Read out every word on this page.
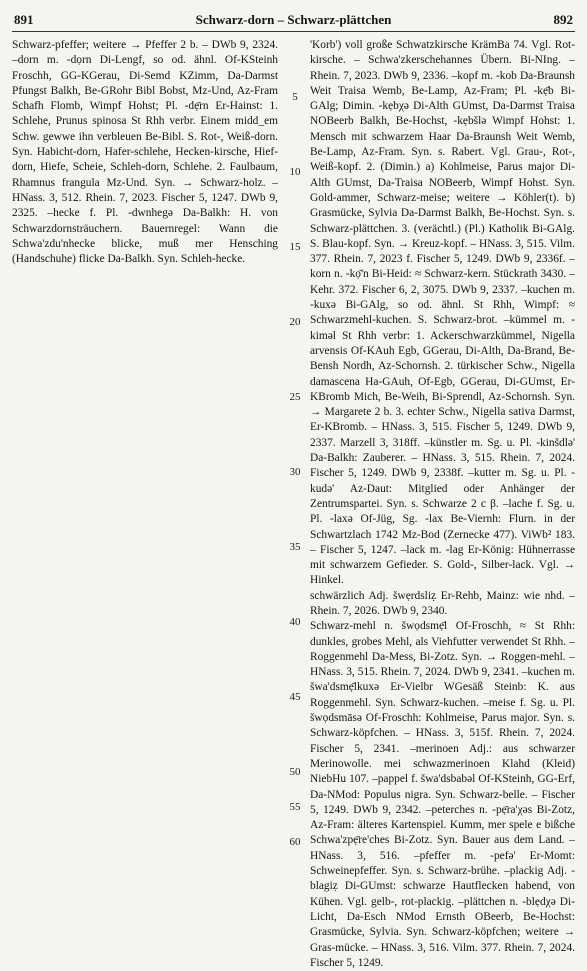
891	Schwarz-dorn – Schwarz-plättchen	892

Schwarz-pfeffer; weitere → Pfeffer 2 b. – DWb 9, 2324. –dorn m. -dọrn Di-Lengf, so od. ähnl. Of-KSteinh Froschh, GG-KGerau, Di-Semd KZimm, Da-Darmst Pfungst Balkh, Be-GRohr Bibl Bobst, Mz-Und, Az-Fram Schafh Flomb, Wimpf Hohst; Pl. -dẹ̄rn Er-Hainst: 1. Schlehe, Prunus spinosa St Rhh verbr. Einem midd_em Schw. gewwe ihn verbleuen Be-Bibl. S. Rot-, Weiß-dorn. Syn. Habicht-dorn, Hafer-schlehe, Hecken-kirsche, Hief-dorn, Hiefe, Scheie, Schleh-dorn, Schlehe. 2. Faulbaum, Rhamnus frangula Mz-Und. Syn. → Schwarz-holz. – HNass. 3, 512. Rhein. 7, 2023. Fischer 5, 1247. DWb 9, 2325. –hecke f. Pl. -dwnhegə Da-Balkh: H. von Schwarzdornsträuchern. Bauernregel: Wann die Schwa'zdu'nhecke blicke, muß mer Hensching (Handschuhe) flicke Da-Balkh. Syn. Schleh-hecke.

'Korb') voll große Schwatzkirsche KrämBa 74. Vgl. Rot-kirsche. – Schwa'zkerschehannes Übern. Bi-NIng. – Rhein. 7, 2023. DWb 9, 2336. –kopf m. -kob Da-Braunsh Weit Traisa Wemb, Be-Lamp, Az-Fram; Pl. -kẹ̄b Bi-GAlg; Dimin. -kẹbχə Di-Alth GUmst, Da-Darmst Traisa NOBeerb Balkh, Be-Hochst, -kẹbšlə Wimpf Hohst: 1. Mensch mit schwarzem Haar Da-Braunsh Weit Wemb, Be-Lamp, Az-Fram. Syn. s. Rabert. Vgl. Grau-, Rot-, Weiß-kopf. 2. (Dimin.) a) Kohlmeise, Parus major Di-Alth GUmst, Da-Traisa NOBeerb, Wimpf Hohst. Syn. Gold-ammer, Schwarz-meise; weitere → Köhler(t). b) Grasmücke, Sylvia Da-Darmst Balkh, Be-Hochst. Syn. s. Schwarz-plättchen. 3. (verächtl.) (Pl.) Katholik Bi-GAlg. S. Blau-kopf. Syn. → Kreuz-kopf. – HNass. 3, 515. Vilm. 377. Rhein. 7, 2023 f. Fischer 5, 1249. DWb 9, 2336f. –korn n. -kọ̄'n Bi-Heid: ≈ Schwarz-kern. Stückrath 3430. – Kehr. 372. Fischer 6, 2, 3075. DWb 9, 2337. –kuchen m. -kuxə Bi-GAlg, so od. ähnl. St Rhh, Wimpf: ≈ Schwarzmehl-kuchen. S. Schwarz-brot. –kümmel m. -kiməl St Rhh verbr: 1. Ackerschwarzkümmel, Nigella arvensis Of-KAuh Egb, GGerau, Di-Alth, Da-Brand, Be-Bensh Nordh, Az-Schornsh. 2. türkischer Schw., Nigella damascena Ha-GAuh, Of-Egb, GGerau, Di-GUmst, Er-KBromb Mich, Be-Weih, Bi-Sprendl, Az-Schornsh. Syn. → Margarete 2 b. 3. echter Schw., Nigella sativa Darmst, Er-KBromb. – HNass. 3, 515. Fischer 5, 1249. DWb 9, 2337. Marzell 3, 318ff. –künstler m. Sg. u. Pl. -kinšdlə' Da-Balkh: Zauberer. – HNass. 3, 515. Rhein. 7, 2024. Fischer 5, 1249. DWb 9, 2338f. –kutter m. Sg. u. Pl. -kudə' Az-Daut: Mitglied oder Anhänger der Zentrumspartei. Syn. s. Schwarze 2 c β. –lache f. Sg. u. Pl. -laxə Of-Jüg, Sg. -lax Be-Viernh: Flurn. in der Schwartzlach 1742 Mz-Bod (Zernecke 477). ViWb² 183. – Fischer 5, 1247. –lack m. -lag Er-König: Hühnerrasse mit schwarzem Gefieder. S. Gold-, Silber-lack. Vgl. → Hinkel.

schwärzlich Adj. šwẹrdsliẓ Er-Rehb, Mainz: wie nhd. – Rhein. 7, 2026. DWb 9, 2340.

Schwarz-mehl n. šwọdsmẹ̄l Of-Froschh, ≈ St Rhh: dunkles, grobes Mehl, als Viehfutter verwendet St Rhh. – Roggenmehl Da-Mess, Bi-Zotz. Syn. → Roggen-mehl. – HNass. 3, 515. Rhein. 7, 2024. DWb 9, 2341. –kuchen m. šwa'dsmẹ̄lkuxə Er-Vielbr WGesäß Steinb: K. aus Roggenmehl. Syn. Schwarz-kuchen. –meise f. Sg. u. Pl. šwọdsmāsə Of-Froschh: Kohlmeise, Parus major. Syn. s. Schwarz-köpfchen. – HNass. 3, 515f. Rhein. 7, 2024. Fischer 5, 2341. –merinoen Adj.: aus schwarzer Merinowolle. mei schwazmerinoen Klahd (Kleid) NiebHu 107. –pappel f. šwa'dsbabəl Of-KSteinh, GG-Erf, Da-NMod: Populus nigra. Syn. Schwarz-belle. – Fischer 5, 1249. DWb 9, 2342. –peterches n. -pẹ̄ra'χəs Bi-Zotz, Az-Fram: älteres Kartenspiel. Kumm, mer spele e bißche Schwa'zpẹ̄re'ches Bi-Zotz. Syn. Bauer aus dem Land. – HNass. 3, 516. –pfeffer m. -pefə' Er-Momt: Schweinepfeffer. Syn. s. Schwarz-brühe. –plackig Adj. -blagiẓ Di-GUmst: schwarze Hautflecken habend, von Kühen. Vgl. gelb-, rot-plackig. –plättchen n. -blẹdχə Di-Licht, Da-Esch NMod Ernsth OBeerb, Be-Hochst: Grasmücke, Sylvia. Syn. Schwarz-köpfchen; weitere → Gras-mücke. – HNass. 3, 516. Vilm. 377. Rhein. 7, 2024. Fischer 5, 1249.

5
10
15
20
25
30
35
40
45
50
55
60
